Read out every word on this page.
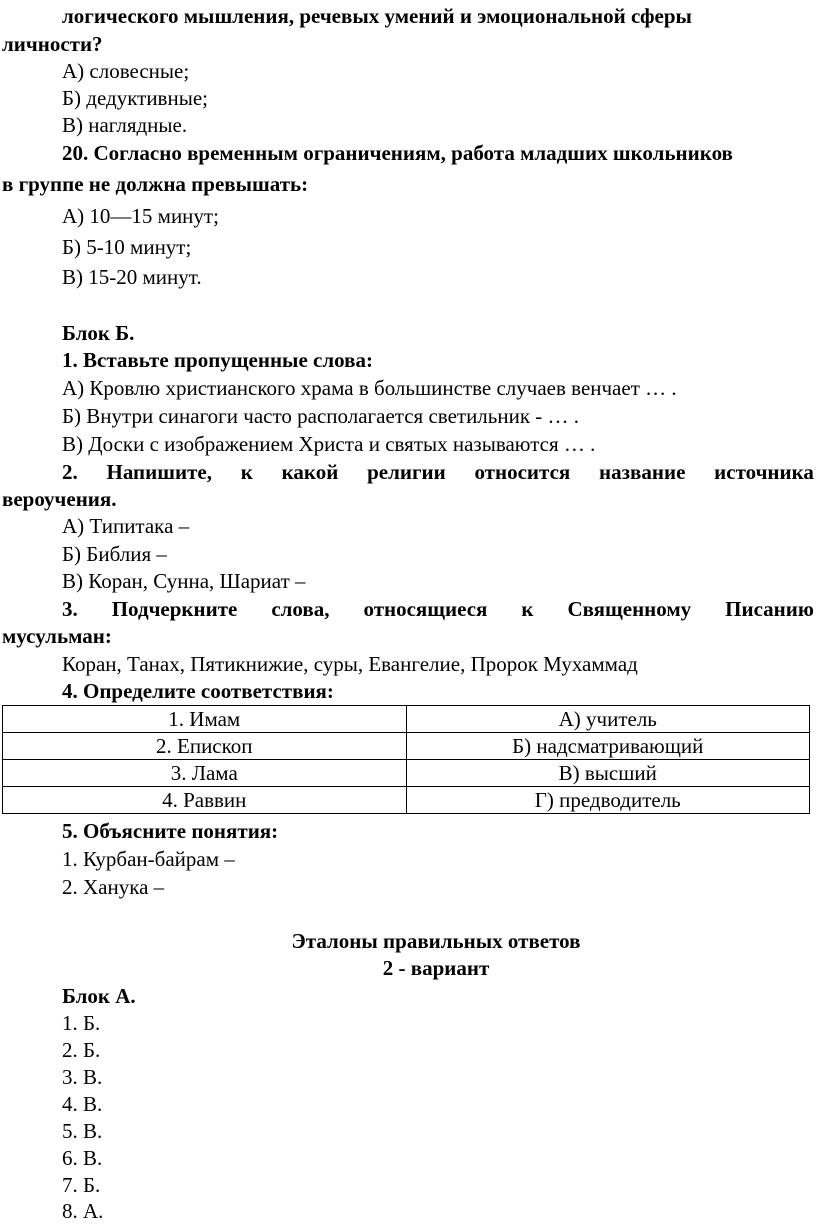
логического мышления, речевых умений и эмоциональной сферы
личности?
А) словесные;
Б) дедуктивные;
В) наглядные.
20. Согласно временным ограничениям, работа младших школьников
в группе не должна превышать:
А) 10—15 минут;
Б) 5-10 минут;
В) 15-20 минут.
Блок Б.
1. Вставьте пропущенные слова:
А) Кровлю христианского храма в большинстве случаев венчает … .
Б) Внутри синагоги часто располагается светильник - … .
В) Доски с изображением Христа и святых называются … .
2. Напишите, к какой религии относится название источника
вероучения.
А) Типитака –
Б) Библия –
В) Коран, Сунна, Шариат –
3. Подчеркните слова, относящиеся к Священному Писанию
мусульман:
Коран, Танах, Пятикнижие, суры, Евангелие, Пророк Мухаммад
4. Определите соответствия:
1. Имам	А) учитель
2. Епископ	Б) надсматривающий
3. Лама	В) высший
4. Раввин	Г) предводитель
5. Объясните понятия:
1. Курбан-байрам –
2. Ханука –
Эталоны правильных ответов
2 - вариант
Блок А.
1. Б.
2. Б.
3. В.
4. В.
5. В.
6. В.
7. Б.
8. А.
